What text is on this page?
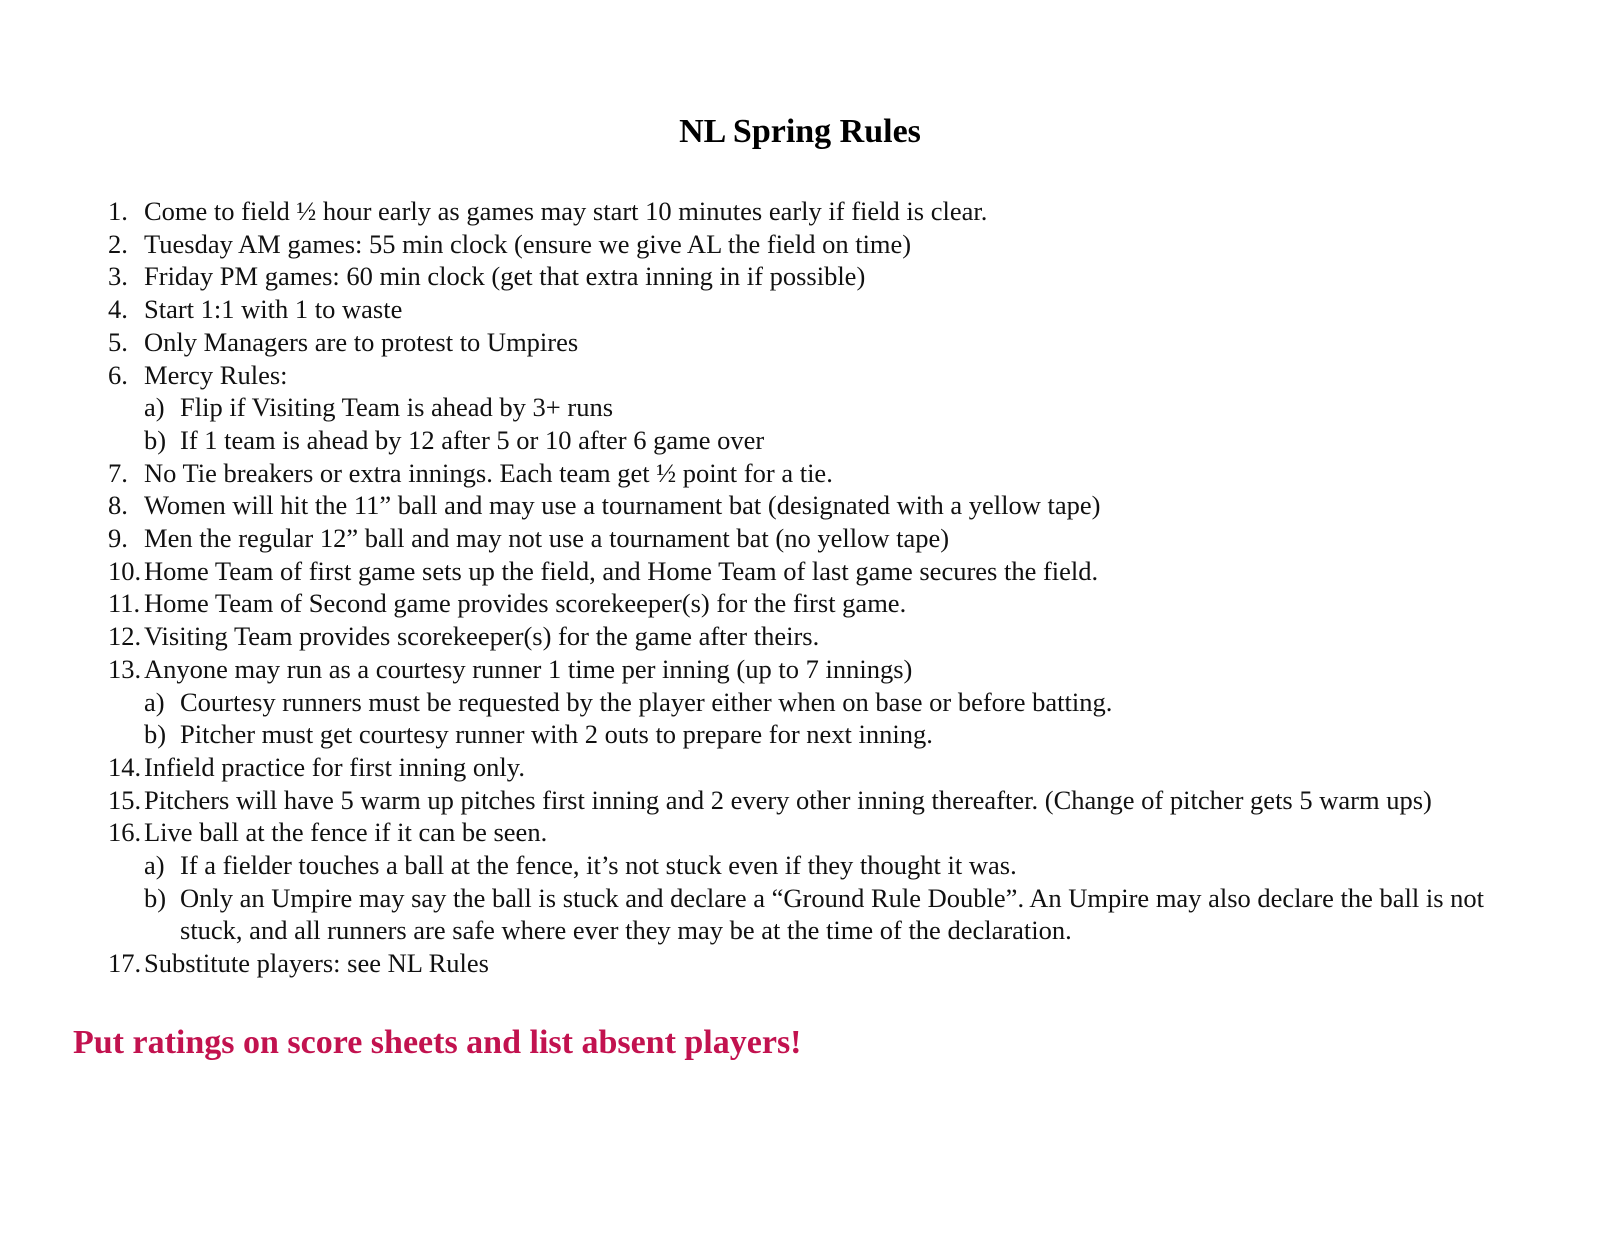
NL Spring Rules
1. Come to field ½ hour early as games may start 10 minutes early if field is clear.
2. Tuesday AM games: 55 min clock (ensure we give AL the field on time)
3. Friday PM games: 60 min clock (get that extra inning in if possible)
4. Start 1:1 with 1 to waste
5. Only Managers are to protest to Umpires
6. Mercy Rules:
a) Flip if Visiting Team is ahead by 3+ runs
b) If 1 team is ahead by 12 after 5 or 10 after 6 game over
7. No Tie breakers or extra innings. Each team get ½ point for a tie.
8. Women will hit the 11” ball and may use a tournament bat (designated with a yellow tape)
9. Men the regular 12” ball and may not use a tournament bat (no yellow tape)
10. Home Team of first game sets up the field, and Home Team of last game secures the field.
11. Home Team of Second game provides scorekeeper(s) for the first game.
12. Visiting Team provides scorekeeper(s) for the game after theirs.
13. Anyone may run as a courtesy runner 1 time per inning (up to 7 innings)
a) Courtesy runners must be requested by the player either when on base or before batting.
b) Pitcher must get courtesy runner with 2 outs to prepare for next inning.
14. Infield practice for first inning only.
15. Pitchers will have 5 warm up pitches first inning and 2 every other inning thereafter. (Change of pitcher gets 5 warm ups)
16. Live ball at the fence if it can be seen.
a) If a fielder touches a ball at the fence, it’s not stuck even if they thought it was.
b) Only an Umpire may say the ball is stuck and declare a “Ground Rule Double”. An Umpire may also declare the ball is not stuck, and all runners are safe where ever they may be at the time of the declaration.
17. Substitute players: see NL Rules
Put ratings on score sheets and list absent players!
